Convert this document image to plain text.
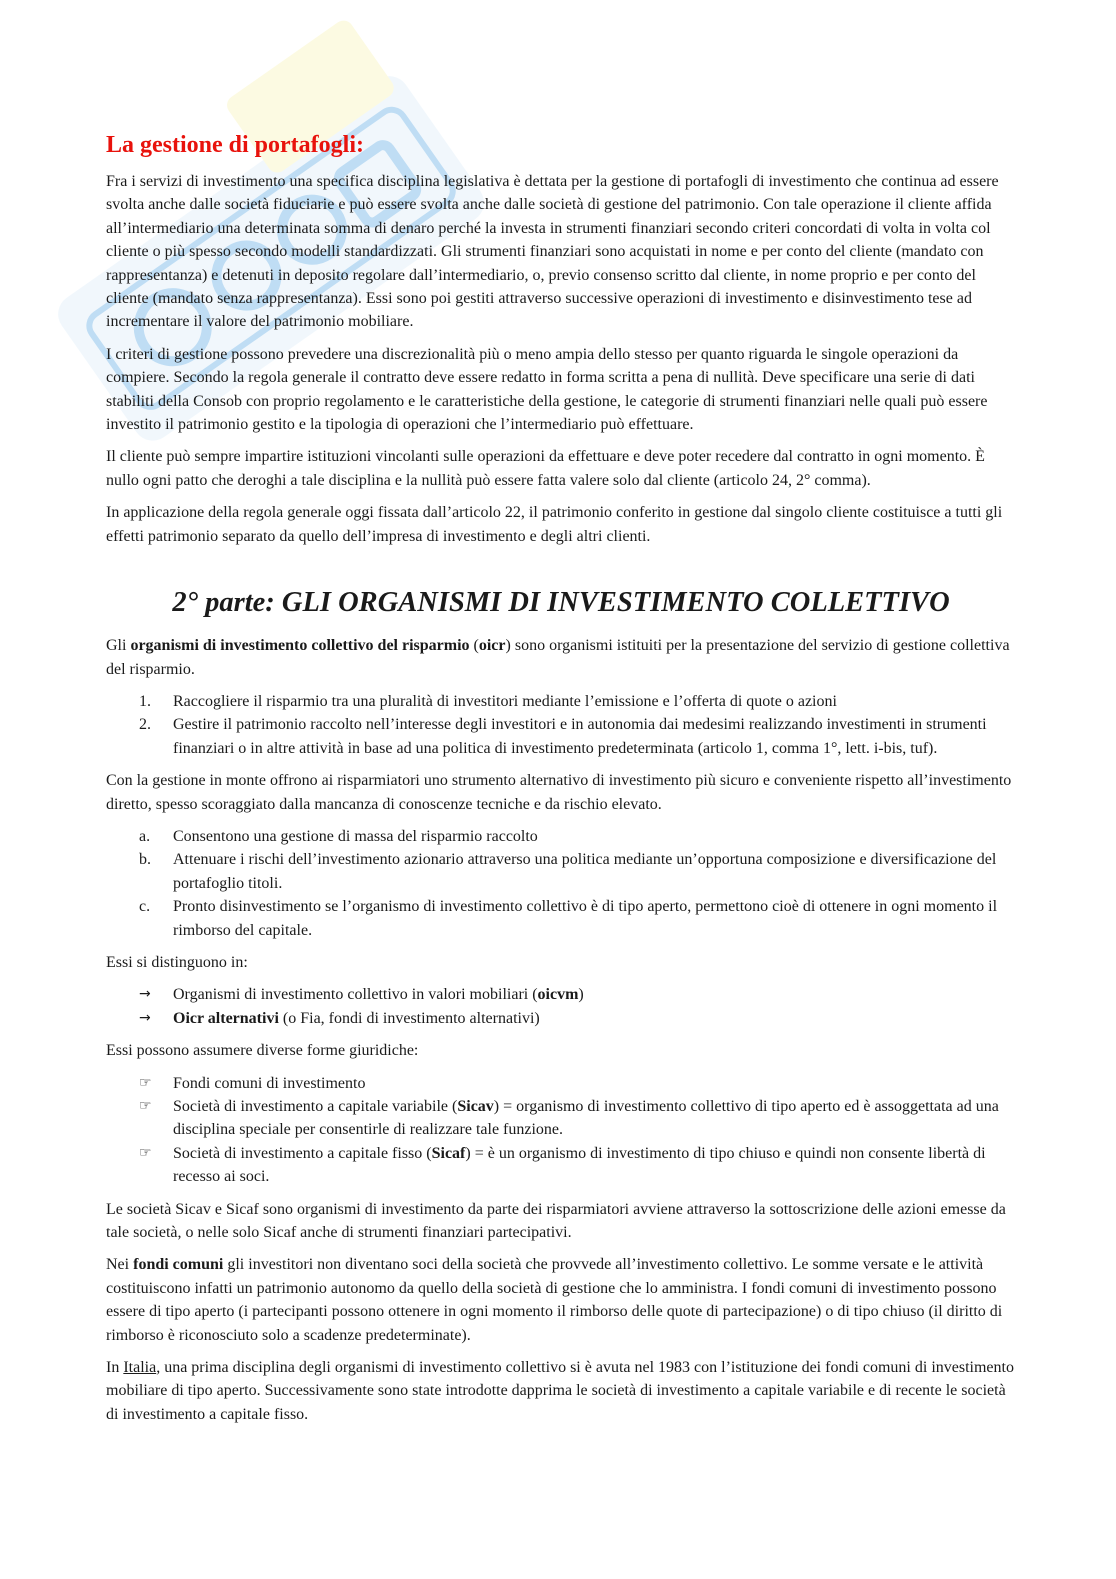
La gestione di portafogli:

Fra i servizi di investimento una specifica disciplina legislativa è dettata per la gestione di portafogli di investimento che continua ad essere svolta anche dalle società fiduciarie e può essere svolta anche dalle società di gestione del patrimonio. Con tale operazione il cliente affida all’intermediario una determinata somma di denaro perché la investa in strumenti finanziari secondo criteri concordati di volta in volta col cliente o più spesso secondo modelli standardizzati. Gli strumenti finanziari sono acquistati in nome e per conto del cliente (mandato con rappresentanza) e detenuti in deposito regolare dall’intermediario, o, previo consenso scritto dal cliente, in nome proprio e per conto del cliente (mandato senza rappresentanza). Essi sono poi gestiti attraverso successive operazioni di investimento e disinvestimento tese ad incrementare il valore del patrimonio mobiliare.

I criteri di gestione possono prevedere una discrezionalità più o meno ampia dello stesso per quanto riguarda le singole operazioni da compiere. Secondo la regola generale il contratto deve essere redatto in forma scritta a pena di nullità. Deve specificare una serie di dati stabiliti della Consob con proprio regolamento e le caratteristiche della gestione, le categorie di strumenti finanziari nelle quali può essere investito il patrimonio gestito e la tipologia di operazioni che l’intermediario può effettuare.

Il cliente può sempre impartire istituzioni vincolanti sulle operazioni da effettuare e deve poter recedere dal contratto in ogni momento. È nullo ogni patto che deroghi a tale disciplina e la nullità può essere fatta valere solo dal cliente (articolo 24, 2° comma).

In applicazione della regola generale oggi fissata dall’articolo 22, il patrimonio conferito in gestione dal singolo cliente costituisce a tutti gli effetti patrimonio separato da quello dell’impresa di investimento e degli altri clienti.

2° parte: GLI ORGANISMI DI INVESTIMENTO COLLETTIVO

Gli organismi di investimento collettivo del risparmio (oicr) sono organismi istituiti per la presentazione del servizio di gestione collettiva del risparmio.

1. Raccogliere il risparmio tra una pluralità di investitori mediante l’emissione e l’offerta di quote o azioni
2. Gestire il patrimonio raccolto nell’interesse degli investitori e in autonomia dai medesimi realizzando investimenti in strumenti finanziari o in altre attività in base ad una politica di investimento predeterminata (articolo 1, comma 1°, lett. i-bis, tuf).

Con la gestione in monte offrono ai risparmiatori uno strumento alternativo di investimento più sicuro e conveniente rispetto all’investimento diretto, spesso scoraggiato dalla mancanza di conoscenze tecniche e da rischio elevato.

a. Consentono una gestione di massa del risparmio raccolto
b. Attenuare i rischi dell’investimento azionario attraverso una politica mediante un’opportuna composizione e diversificazione del portafoglio titoli.
c. Pronto disinvestimento se l’organismo di investimento collettivo è di tipo aperto, permettono cioè di ottenere in ogni momento il rimborso del capitale.

Essi si distinguono in:

→ Organismi di investimento collettivo in valori mobiliari (oicvm)
→ Oicr alternativi (o Fia, fondi di investimento alternativi)

Essi possono assumere diverse forme giuridiche:

☞ Fondi comuni di investimento
☞ Società di investimento a capitale variabile (Sicav) = organismo di investimento collettivo di tipo aperto ed è assoggettata ad una disciplina speciale per consentirle di realizzare tale funzione.
☞ Società di investimento a capitale fisso (Sicaf) = è un organismo di investimento di tipo chiuso e quindi non consente libertà di recesso ai soci.

Le società Sicav e Sicaf sono organismi di investimento da parte dei risparmiatori avviene attraverso la sottoscrizione delle azioni emesse da tale società, o nelle solo Sicaf anche di strumenti finanziari partecipativi.

Nei fondi comuni gli investitori non diventano soci della società che provvede all’investimento collettivo. Le somme versate e le attività costituiscono infatti un patrimonio autonomo da quello della società di gestione che lo amministra. I fondi comuni di investimento possono essere di tipo aperto (i partecipanti possono ottenere in ogni momento il rimborso delle quote di partecipazione) o di tipo chiuso (il diritto di rimborso è riconosciuto solo a scadenze predeterminate).

In Italia, una prima disciplina degli organismi di investimento collettivo si è avuta nel 1983 con l’istituzione dei fondi comuni di investimento mobiliare di tipo aperto. Successivamente sono state introdotte dapprima le società di investimento a capitale variabile e di recente le società di investimento a capitale fisso.
